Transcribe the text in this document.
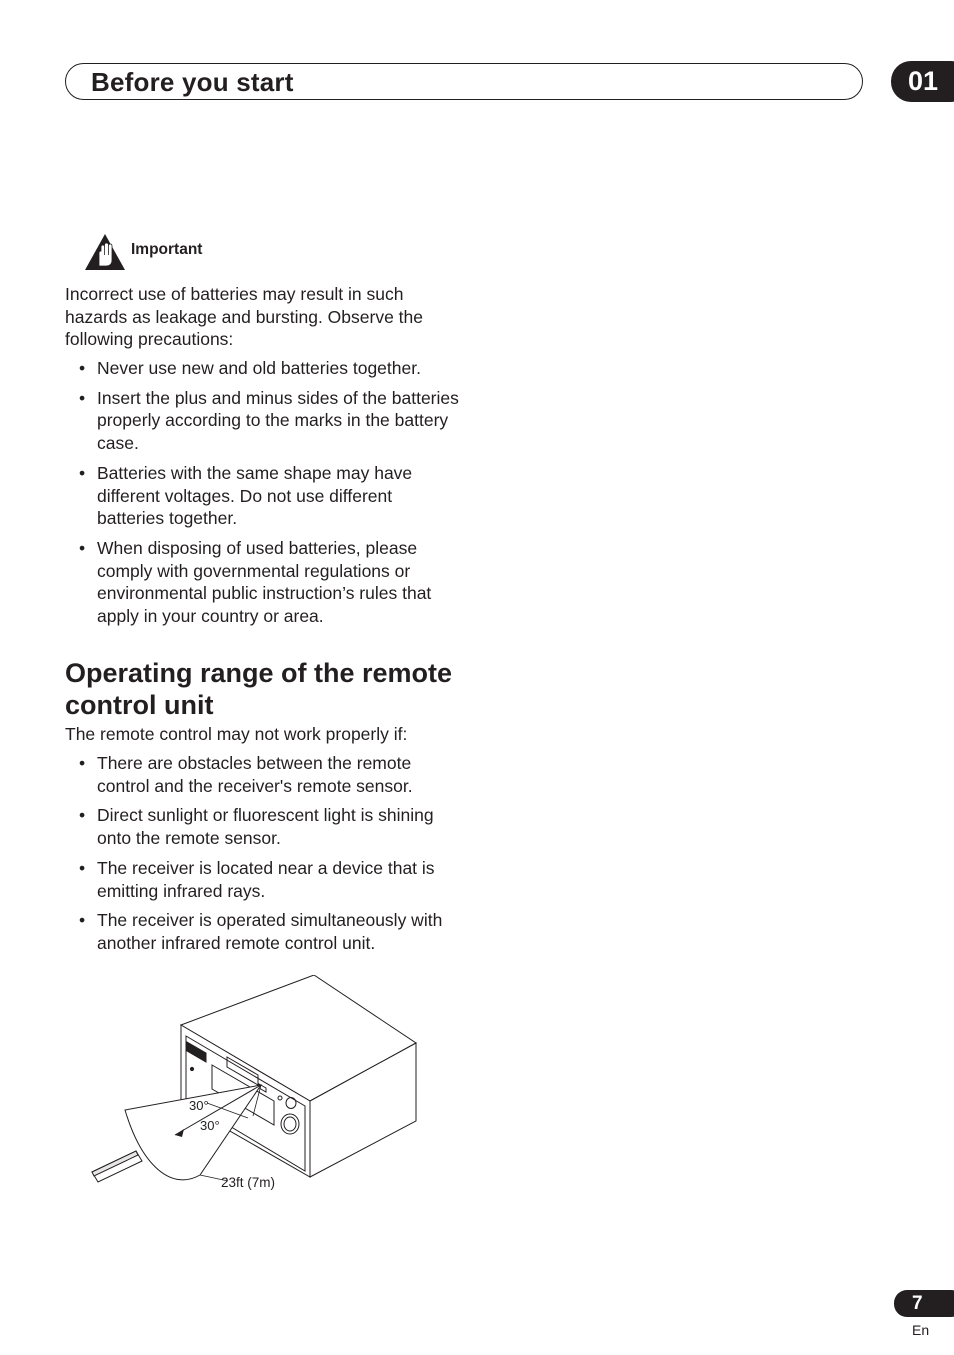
Before you start	01
Important
Incorrect use of batteries may result in such hazards as leakage and bursting. Observe the following precautions:
• Never use new and old batteries together.
• Insert the plus and minus sides of the batteries properly according to the marks in the battery case.
• Batteries with the same shape may have different voltages. Do not use different batteries together.
• When disposing of used batteries, please comply with governmental regulations or environmental public instruction’s rules that apply in your country or area.
Operating range of the remote control unit
The remote control may not work properly if:
• There are obstacles between the remote control and the receiver's remote sensor.
• Direct sunlight or fluorescent light is shining onto the remote sensor.
• The receiver is located near a device that is emitting infrared rays.
• The receiver is operated simultaneously with another infrared remote control unit.
30°
30°
23ft (7m)
7
En
